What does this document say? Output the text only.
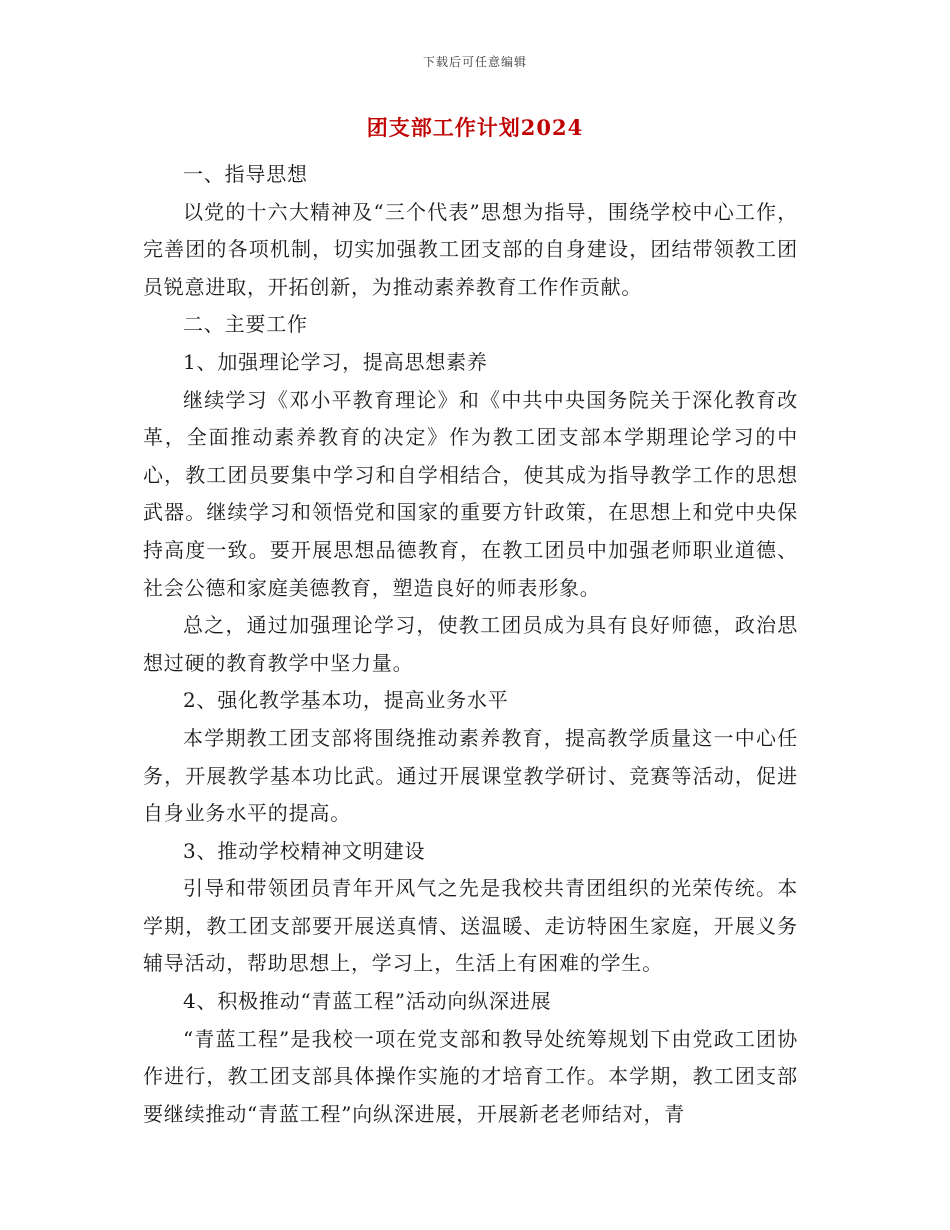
下载后可任意编辑
团支部工作计划2024

一、指导思想

以党的十六大精神及“三个代表”思想为指导，围绕学校中心工作，完善团的各项机制，切实加强教工团支部的自身建设，团结带领教工团员锐意进取，开拓创新，为推动素养教育工作作贡献。

二、主要工作

1、加强理论学习，提高思想素养

继续学习《邓小平教育理论》和《中共中央国务院关于深化教育改革，全面推动素养教育的决定》作为教工团支部本学期理论学习的中心，教工团员要集中学习和自学相结合，使其成为指导教学工作的思想武器。继续学习和领悟党和国家的重要方针政策，在思想上和党中央保持高度一致。要开展思想品德教育，在教工团员中加强老师职业道德、社会公德和家庭美德教育，塑造良好的师表形象。

总之，通过加强理论学习，使教工团员成为具有良好师德，政治思想过硬的教育教学中坚力量。

2、强化教学基本功，提高业务水平

本学期教工团支部将围绕推动素养教育，提高教学质量这一中心任务，开展教学基本功比武。通过开展课堂教学研讨、竞赛等活动，促进自身业务水平的提高。

3、推动学校精神文明建设

引导和带领团员青年开风气之先是我校共青团组织的光荣传统。本学期，教工团支部要开展送真情、送温暖、走访特困生家庭，开展义务辅导活动，帮助思想上，学习上，生活上有困难的学生。

4、积极推动“青蓝工程”活动向纵深进展

“青蓝工程”是我校一项在党支部和教导处统筹规划下由党政工团协作进行，教工团支部具体操作实施的才培育工作。本学期，教工团支部要继续推动“青蓝工程”向纵深进展，开展新老老师结对，青
